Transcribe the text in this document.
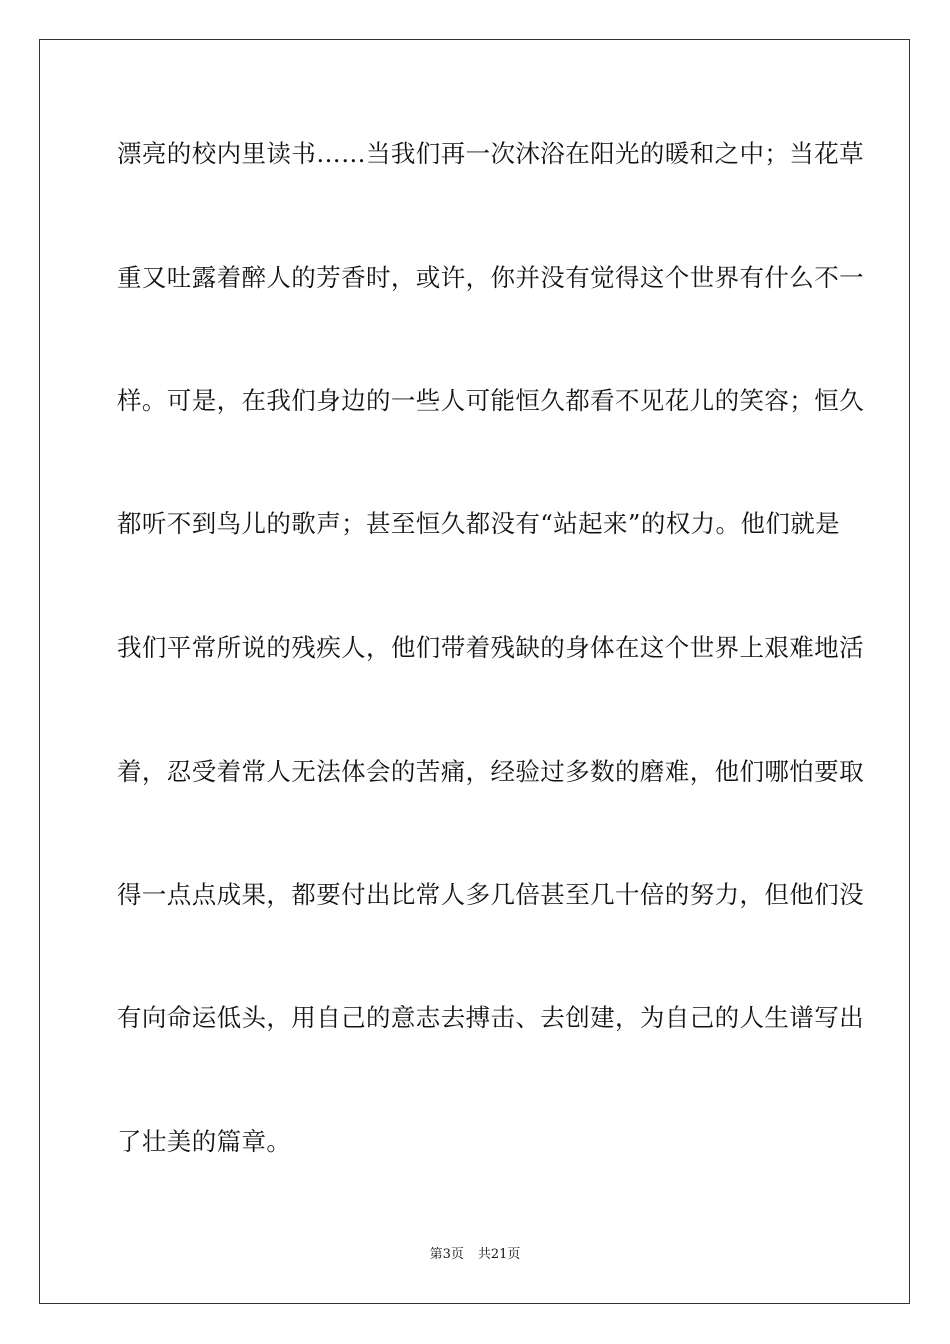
漂亮的校内里读书……当我们再一次沐浴在阳光的暖和之中；当花草
重又吐露着醉人的芳香时，或许，你并没有觉得这个世界有什么不一
样。可是，在我们身边的一些人可能恒久都看不见花儿的笑容；恒久
都听不到鸟儿的歌声；甚至恒久都没有“站起来”的权力。他们就是
我们平常所说的残疾人，他们带着残缺的身体在这个世界上艰难地活
着，忍受着常人无法体会的苦痛，经验过多数的磨难，他们哪怕要取
得一点点成果，都要付出比常人多几倍甚至几十倍的努力，但他们没
有向命运低头，用自己的意志去搏击、去创建，为自己的人生谱写出
了壮美的篇章。
第3页 共21页
